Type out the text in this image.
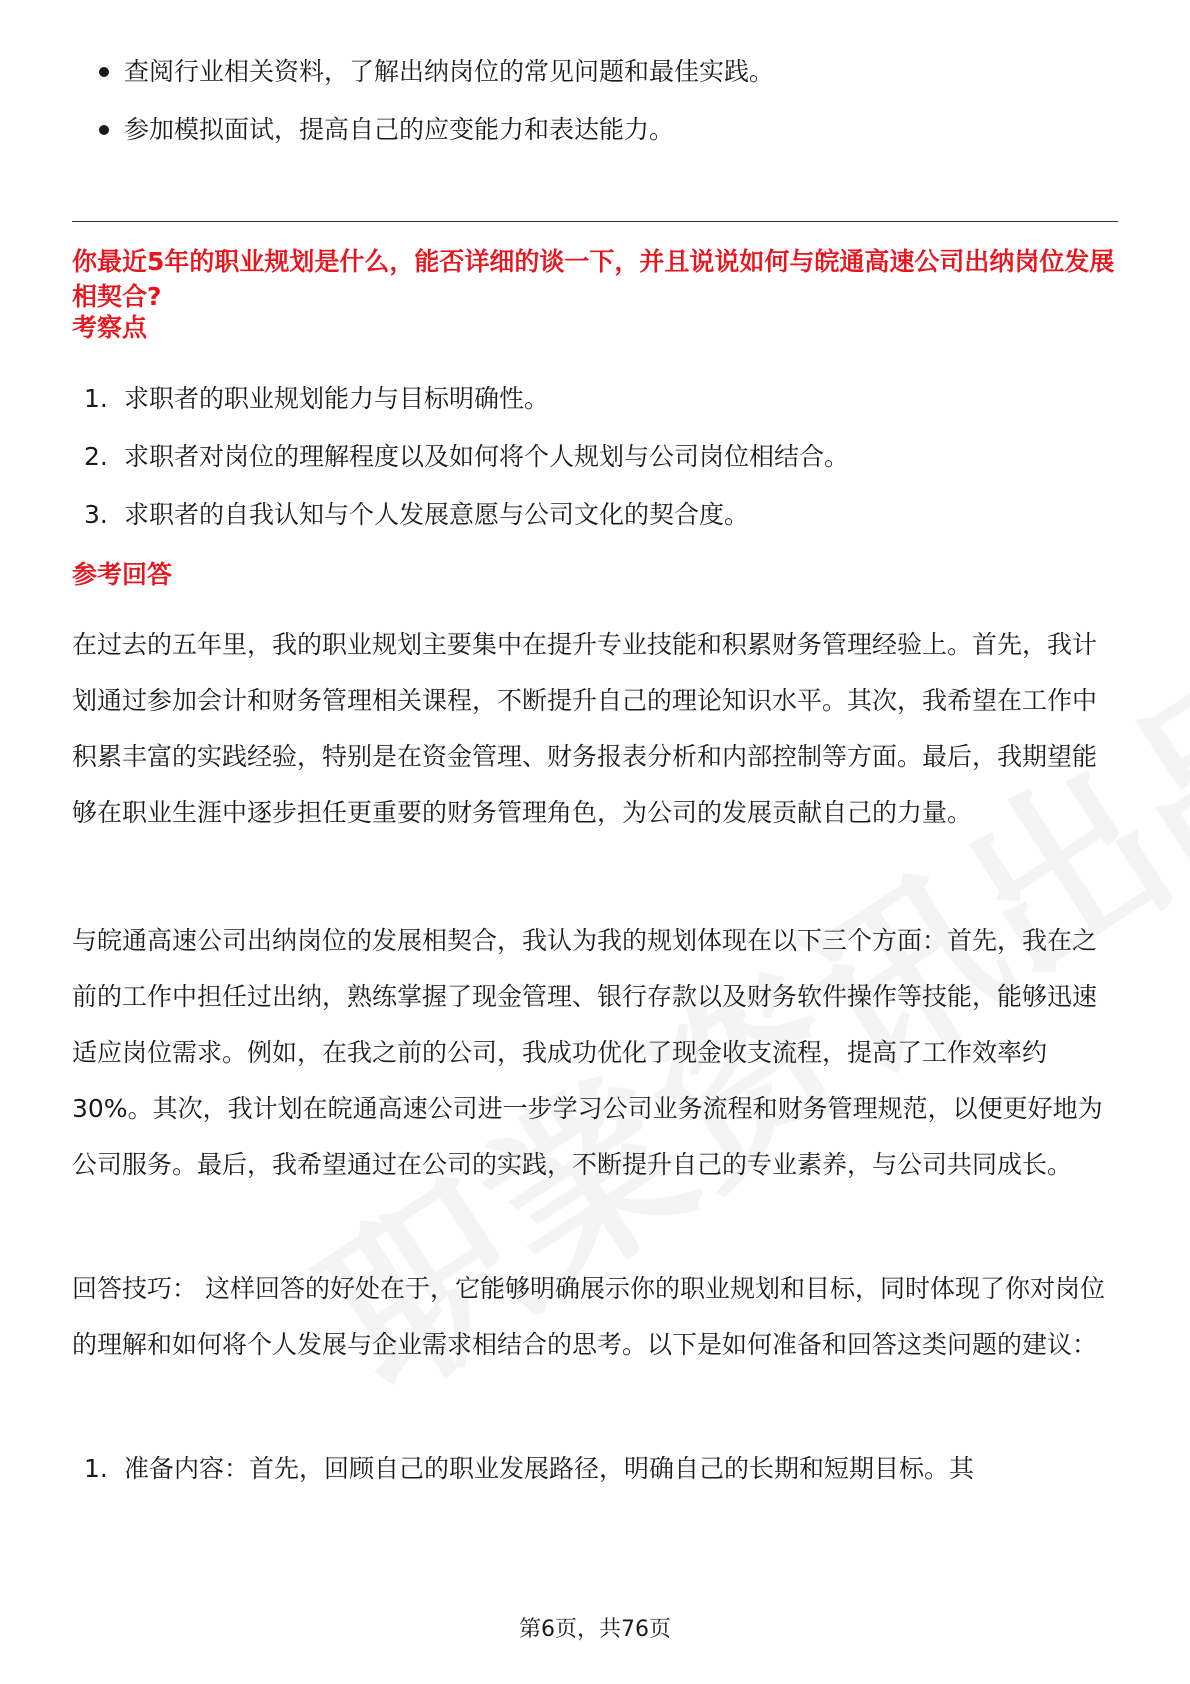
查阅行业相关资料，了解出纳岗位的常见问题和最佳实践。
参加模拟面试，提高自己的应变能力和表达能力。
你最近5年的职业规划是什么，能否详细的谈一下，并且说说如何与皖通高速公司出纳岗位发展相契合?
考察点
1. 求职者的职业规划能力与目标明确性。
2. 求职者对岗位的理解程度以及如何将个人规划与公司岗位相结合。
3. 求职者的自我认知与个人发展意愿与公司文化的契合度。
参考回答

在过去的五年里，我的职业规划主要集中在提升专业技能和积累财务管理经验上。首先，我计划通过参加会计和财务管理相关课程，不断提升自己的理论知识水平。其次，我希望在工作中积累丰富的实践经验，特别是在资金管理、财务报表分析和内部控制等方面。最后，我期望能够在职业生涯中逐步担任更重要的财务管理角色，为公司的发展贡献自己的力量。

与皖通高速公司出纳岗位的发展相契合，我认为我的规划体现在以下三个方面：首先，我在之前的工作中担任过出纳，熟练掌握了现金管理、银行存款以及财务软件操作等技能，能够迅速适应岗位需求。例如，在我之前的公司，我成功优化了现金收支流程，提高了工作效率约30%。其次，我计划在皖通高速公司进一步学习公司业务流程和财务管理规范，以便更好地为公司服务。最后，我希望通过在公司的实践，不断提升自己的专业素养，与公司共同成长。

回答技巧： 这样回答的好处在于，它能够明确展示你的职业规划和目标，同时体现了你对岗位的理解和如何将个人发展与企业需求相结合的思考。以下是如何准备和回答这类问题的建议：

1. 准备内容：首先，回顾自己的职业发展路径，明确自己的长期和短期目标。其
第6页，共76页
